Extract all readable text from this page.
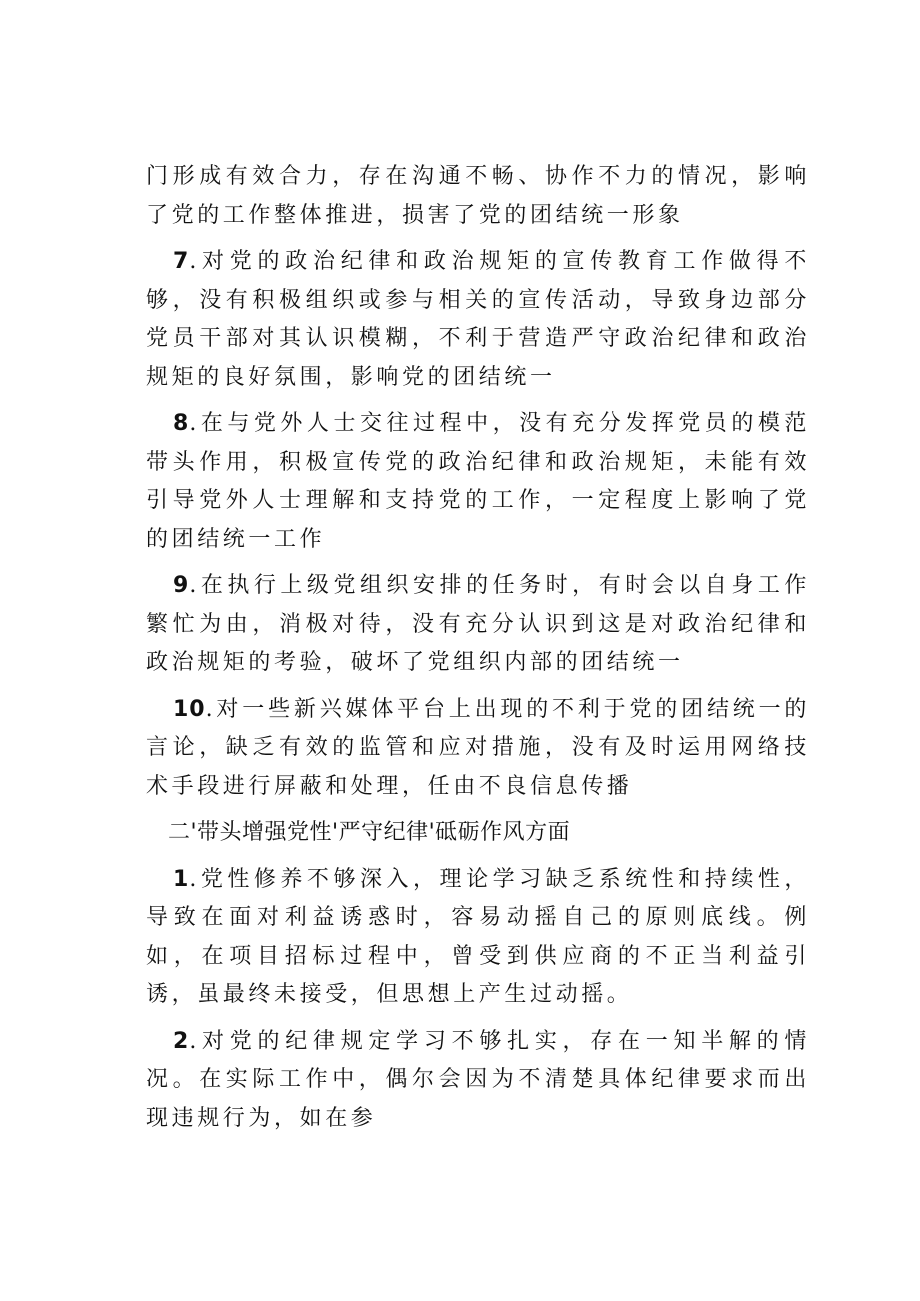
门形成有效合力，存在沟通不畅、协作不力的情况，影响了党的工作整体推进，损害了党的团结统一形象

7.对党的政治纪律和政治规矩的宣传教育工作做得不够，没有积极组织或参与相关的宣传活动，导致身边部分党员干部对其认识模糊，不利于营造严守政治纪律和政治规矩的良好氛围，影响党的团结统一

8.在与党外人士交往过程中，没有充分发挥党员的模范带头作用，积极宣传党的政治纪律和政治规矩，未能有效引导党外人士理解和支持党的工作，一定程度上影响了党的团结统一工作

9.在执行上级党组织安排的任务时，有时会以自身工作繁忙为由，消极对待，没有充分认识到这是对政治纪律和政治规矩的考验，破坏了党组织内部的团结统一

10.对一些新兴媒体平台上出现的不利于党的团结统一的言论，缺乏有效的监管和应对措施，没有及时运用网络技术手段进行屏蔽和处理，任由不良信息传播

二'带头增强党性'严守纪律'砥砺作风方面

1.党性修养不够深入，理论学习缺乏系统性和持续性，导致在面对利益诱惑时，容易动摇自己的原则底线。例如，在项目招标过程中，曾受到供应商的不正当利益引诱，虽最终未接受，但思想上产生过动摇。

2.对党的纪律规定学习不够扎实，存在一知半解的情况。在实际工作中，偶尔会因为不清楚具体纪律要求而出现违规行为，如在参
